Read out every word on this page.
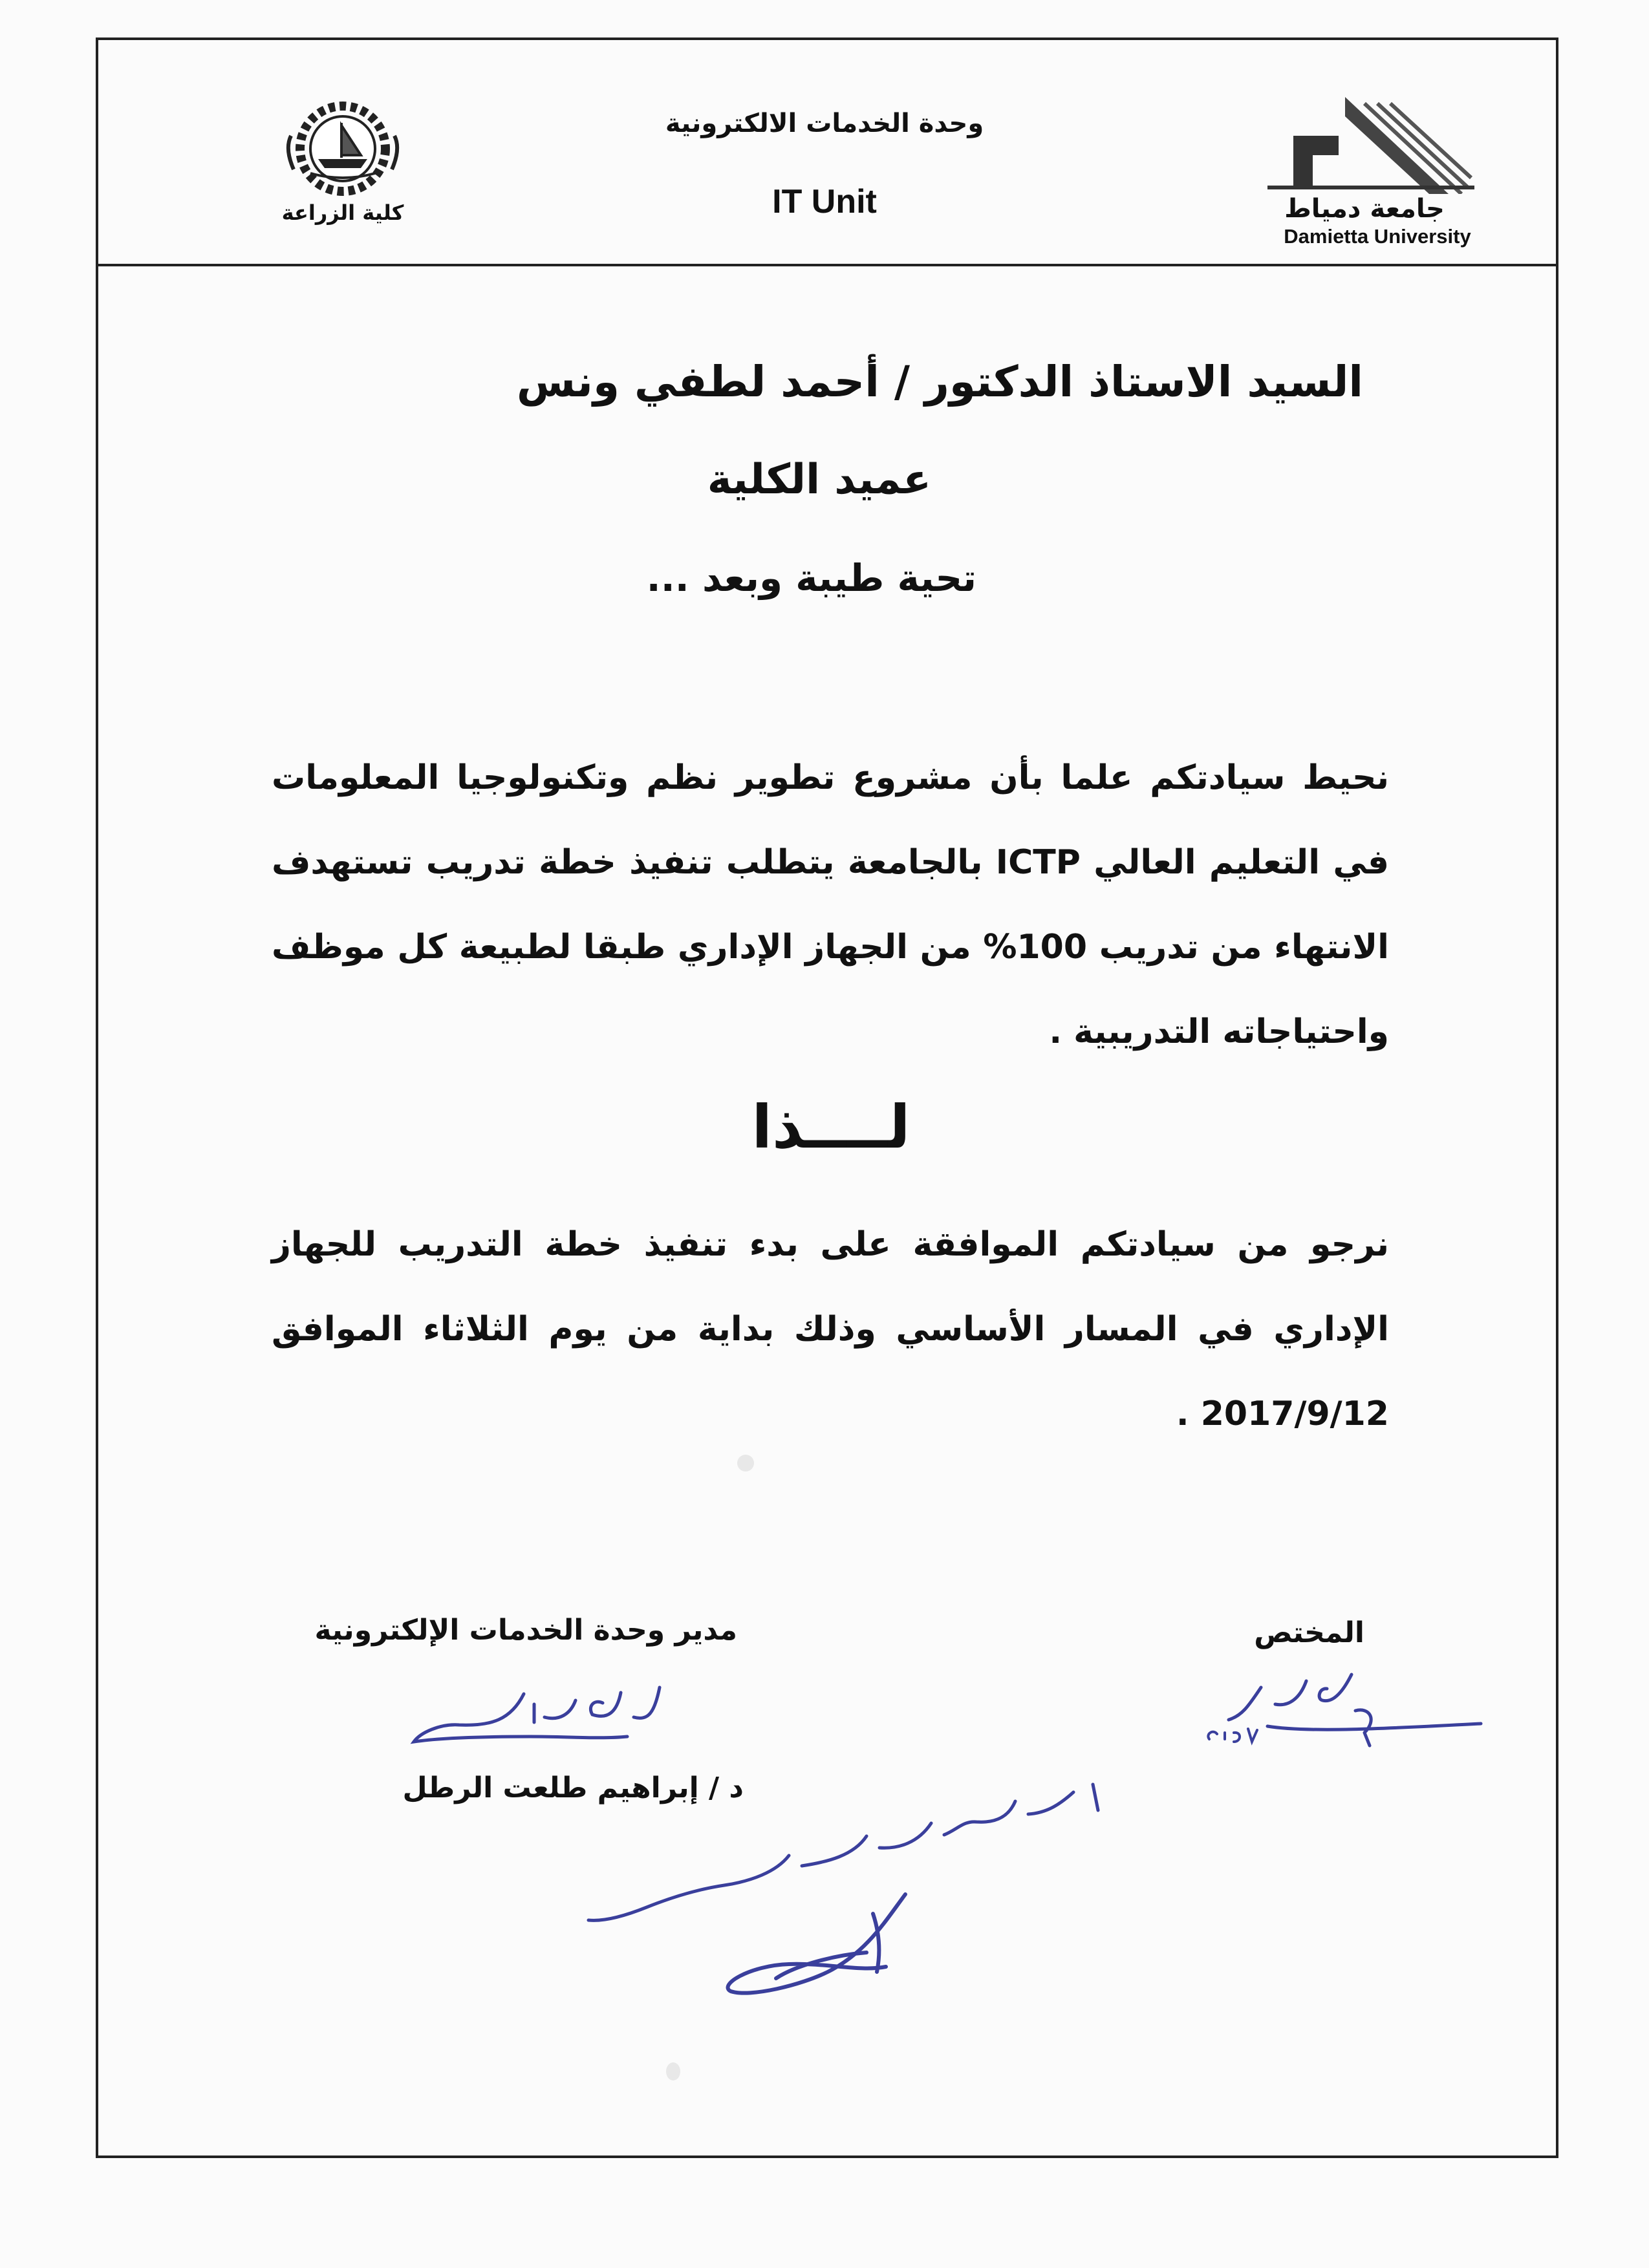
كلية الزراعة
وحدة الخدمات الالكترونية
IT Unit	جامعة دمياط
Damietta University
السيد الاستاذ الدكتور / أحمد لطفي ونس
عميد الكلية
تحية طيبة وبعد ...
نحيط سيادتكم علما بأن مشروع تطوير نظم وتكنولوجيا المعلومات في التعليم العالي ICTP بالجامعة يتطلب تنفيذ خطة تدريب تستهدف الانتهاء من تدريب 100% من الجهاز الإداري طبقا لطبيعة كل موظف واحتياجاته التدريبية .
لــــذا
نرجو من سيادتكم الموافقة على بدء تنفيذ خطة التدريب للجهاز الإداري في المسار الأساسي وذلك بداية من يوم الثلاثاء الموافق 2017/9/12 .
مدير وحدة الخدمات الإلكترونية	المختص
د / إبراهيم طلعت الرطل
